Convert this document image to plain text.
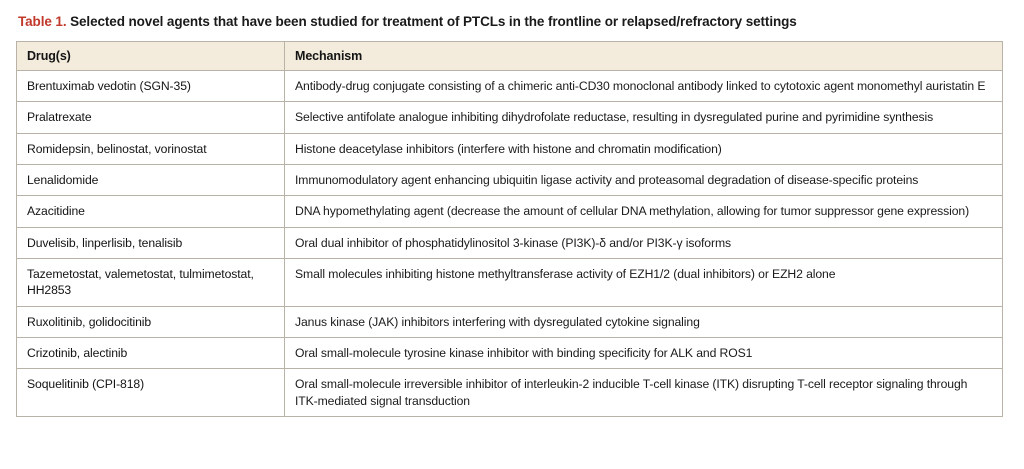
Table 1. Selected novel agents that have been studied for treatment of PTCLs in the frontline or relapsed/refractory settings
Drug(s)	Mechanism
Brentuximab vedotin (SGN-35)	Antibody-drug conjugate consisting of a chimeric anti-CD30 monoclonal antibody linked to cytotoxic agent monomethyl auristatin E
Pralatrexate	Selective antifolate analogue inhibiting dihydrofolate reductase, resulting in dysregulated purine and pyrimidine synthesis
Romidepsin, belinostat, vorinostat	Histone deacetylase inhibitors (interfere with histone and chromatin modification)
Lenalidomide	Immunomodulatory agent enhancing ubiquitin ligase activity and proteasomal degradation of disease-specific proteins
Azacitidine	DNA hypomethylating agent (decrease the amount of cellular DNA methylation, allowing for tumor suppressor gene expression)
Duvelisib, linperlisib, tenalisib	Oral dual inhibitor of phosphatidylinositol 3-kinase (PI3K)-δ and/or PI3K-γ isoforms
Tazemetostat, valemetostat, tulmimetostat, HH2853	Small molecules inhibiting histone methyltransferase activity of EZH1/2 (dual inhibitors) or EZH2 alone
Ruxolitinib, golidocitinib	Janus kinase (JAK) inhibitors interfering with dysregulated cytokine signaling
Crizotinib, alectinib	Oral small-molecule tyrosine kinase inhibitor with binding specificity for ALK and ROS1
Soquelitinib (CPI-818)	Oral small-molecule irreversible inhibitor of interleukin-2 inducible T-cell kinase (ITK) disrupting T-cell receptor signaling through ITK-mediated signal transduction
